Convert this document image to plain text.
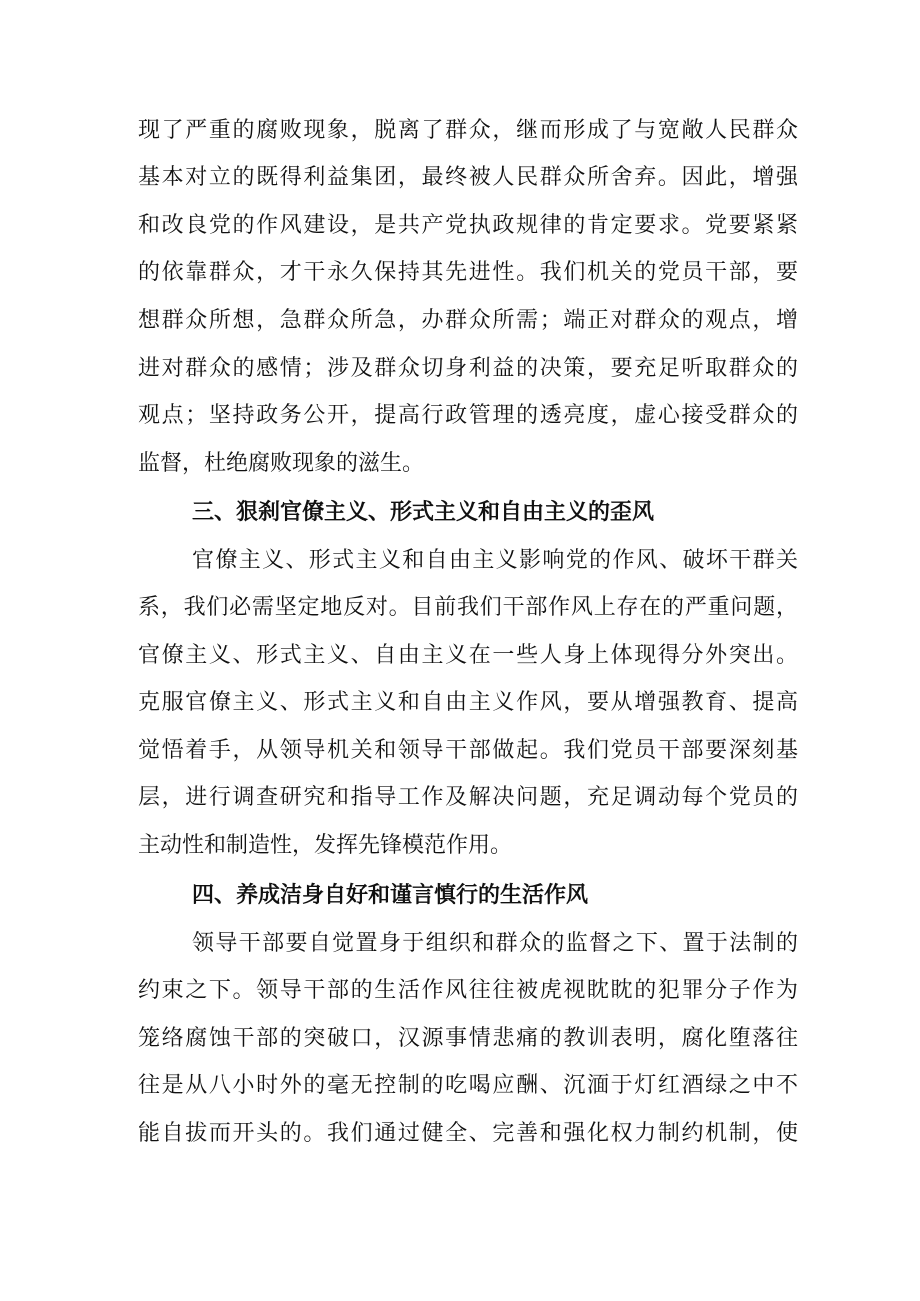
现了严重的腐败现象，脱离了群众，继而形成了与宽敞人民群众
基本对立的既得利益集团，最终被人民群众所舍弃。因此，增强
和改良党的作风建设，是共产党执政规律的肯定要求。党要紧紧
的依靠群众，才干永久保持其先进性。我们机关的党员干部，要
想群众所想，急群众所急，办群众所需；端正对群众的观点，增
进对群众的感情；涉及群众切身利益的决策，要充足听取群众的
观点；坚持政务公开，提高行政管理的透亮度，虚心接受群众的
监督，杜绝腐败现象的滋生。
三、狠刹官僚主义、形式主义和自由主义的歪风
官僚主义、形式主义和自由主义影响党的作风、破坏干群关
系，我们必需坚定地反对。目前我们干部作风上存在的严重问题，
官僚主义、形式主义、自由主义在一些人身上体现得分外突出。
克服官僚主义、形式主义和自由主义作风，要从增强教育、提高
觉悟着手，从领导机关和领导干部做起。我们党员干部要深刻基
层，进行调查研究和指导工作及解决问题，充足调动每个党员的
主动性和制造性，发挥先锋模范作用。
四、养成洁身自好和谨言慎行的生活作风
领导干部要自觉置身于组织和群众的监督之下、置于法制的
约束之下。领导干部的生活作风往往被虎视眈眈的犯罪分子作为
笼络腐蚀干部的突破口，汉源事情悲痛的教训表明，腐化堕落往
往是从八小时外的毫无控制的吃喝应酬、沉湎于灯红酒绿之中不
能自拔而开头的。我们通过健全、完善和强化权力制约机制，使
